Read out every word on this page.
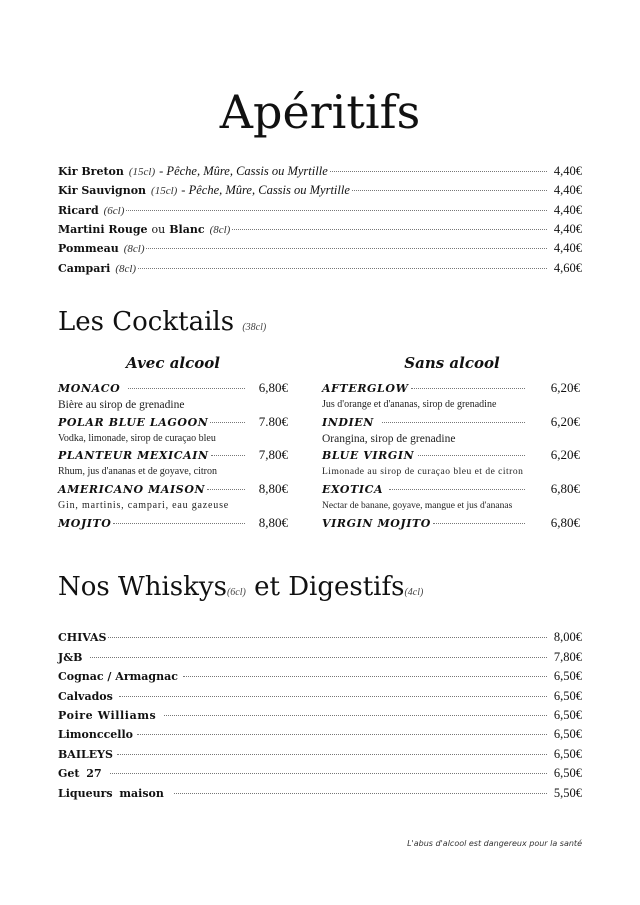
Apéritifs
Kir Breton (15cl) - Pêche, Mûre, Cassis ou Myrtille	4,40€
Kir Sauvignon (15cl) - Pêche, Mûre, Cassis ou Myrtille	4,40€
Ricard (6cl)	4,40€
Martini Rouge ou Blanc (8cl)	4,40€
Pommeau (8cl)	4,40€
Campari (8cl)	4,60€
Les Cocktails (38cl)
Avec alcool	Sans alcool
MONACO	6,80€
Bière au sirop de grenadine
POLAR BLUE LAGOON	7.80€
Vodka, limonade, sirop de curaçao bleu
PLANTEUR MEXICAIN	7,80€
Rhum, jus d'ananas et de goyave, citron
AMERICANO MAISON	8,80€
Gin, martinis, campari, eau gazeuse
MOJITO	8,80€
AFTERGLOW	6,20€
Jus d'orange et d'ananas, sirop de grenadine
INDIEN	6,20€
Orangina, sirop de grenadine
BLUE VIRGIN	6,20€
Limonade au sirop de curaçao bleu et de citron
EXOTICA	6,80€
Nectar de banane, goyave, mangue et jus d'ananas
VIRGIN MOJITO	6,80€
Nos Whiskys(6cl) et Digestifs(4cl)
CHIVAS	8,00€
J&B	7,80€
Cognac / Armagnac	6,50€
Calvados	6,50€
Poire Williams	6,50€
Limonccello	6,50€
BAILEYS	6,50€
Get 27	6,50€
Liqueurs maison	5,50€
L'abus d'alcool est dangereux pour la santé
